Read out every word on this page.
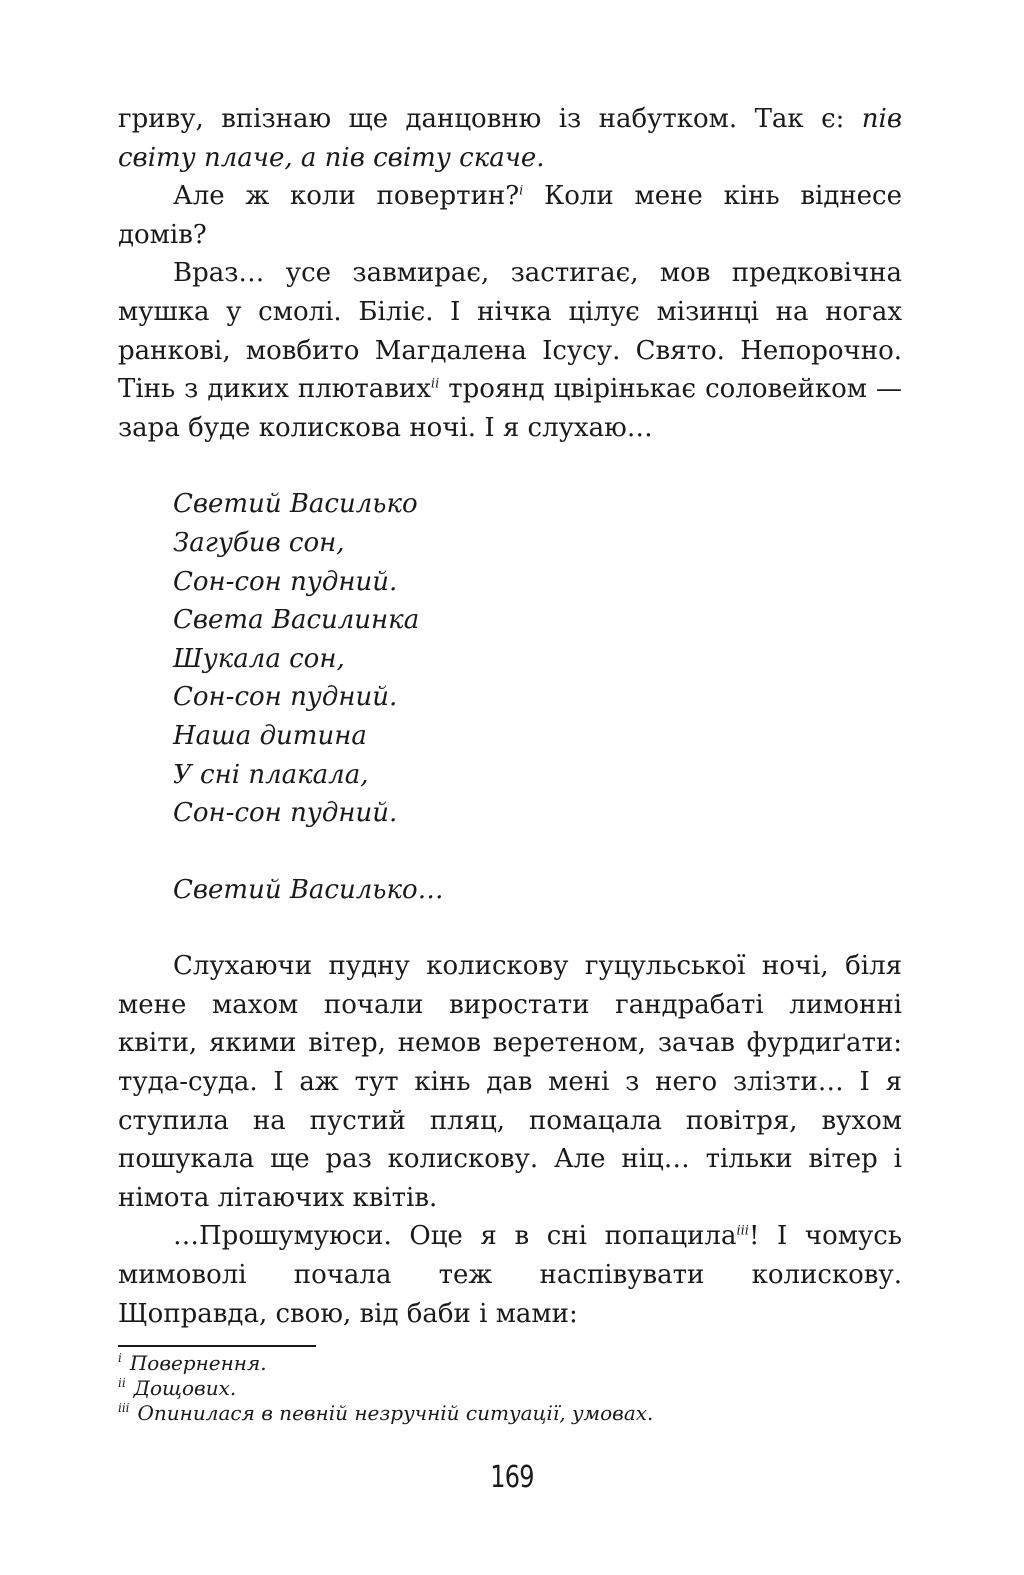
гриву, впізнаю ще данцовню із набутком. Так є: пів світу плаче, а пів світу скаче.

Але ж коли повертин?$^i$ Коли мене кінь віднесе домів?

Враз… усе завмирає, застигає, мов предковічна мушка у смолі. Біліє. І нічка цілує мізинці на ногах ранкові, мовбито Магдалена Ісусу. Свято. Непорочно. Тінь з диких плютавих$^{ii}$ троянд цвірінькає соловейком — зара буде колискова ночі. І я слухаю…

Светий Василько
Загубив сон,
Сон-сон пудний.
Света Василинка
Шукала сон,
Сон-сон пудний.
Наша дитина
У сні плакала,
Сон-сон пудний.
Светий Василько…

Слухаючи пудну колискову гуцульської ночі, біля мене махом почали виростати гандрабаті лимонні квіти, якими вітер, немов веретеном, зачав фурдиґати: туда-суда. І аж тут кінь дав мені з него злізти… І я ступила на пустий пляц, помацала повітря, вухом пошукала ще раз колискову. Але ніц… тільки вітер і німота літаючих квітів.

…Прошумуюси. Оце я в сні попацила$^{iii}$! І чомусь мимоволі почала теж наспівувати колискову. Щоправда, свою, від баби і мами:

$^i$ Повернення.
$^{ii}$ Дощових.
$^{iii}$ Опинилася в певній незручній ситуації, умовах.
169
